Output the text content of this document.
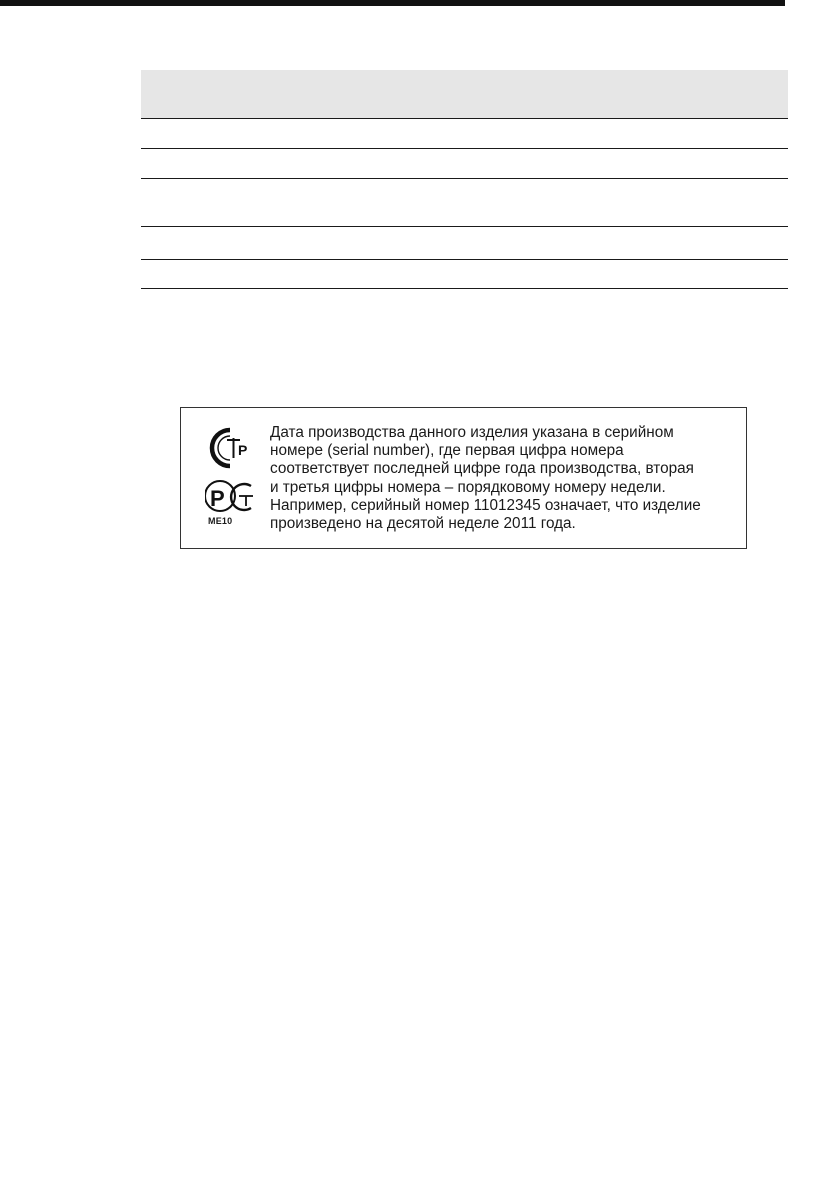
Р
Р
ME10

Дата производства данного изделия указана в серийном
номере (serial number), где первая цифра номера
соответствует последней цифре года производства, вторая
и третья цифры номера – порядковому номеру недели.
Например, серийный номер 11012345 означает, что изделие
произведено на десятой неделе 2011 года.
